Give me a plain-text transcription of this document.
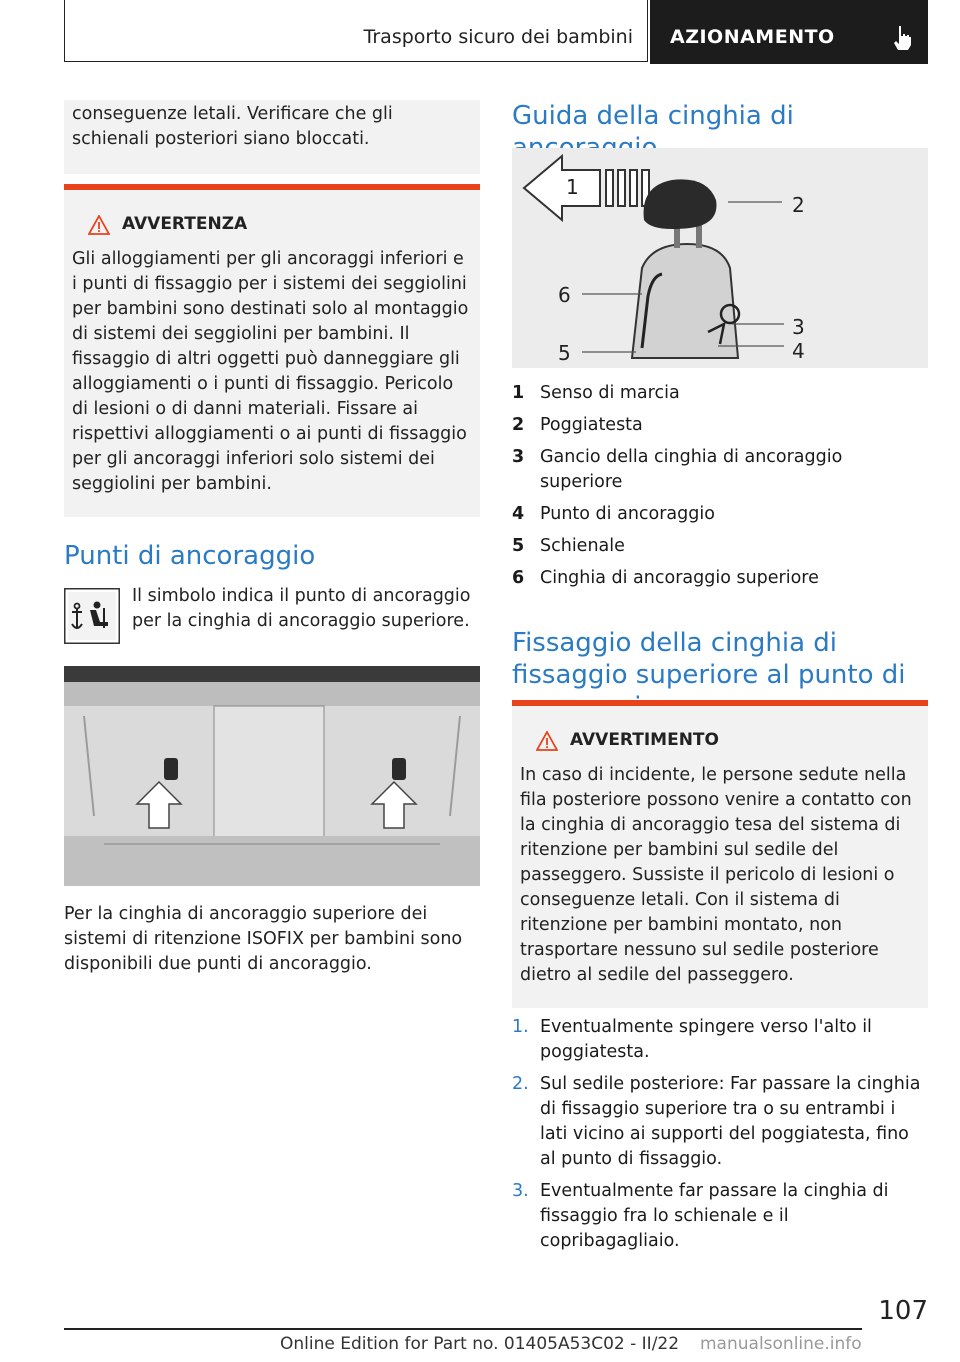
Trasporto sicuro dei bambini AZIONAMENTO
conseguenze letali. Verificare che gli schienali posteriori siano bloccati.
AVVERTENZA
Gli alloggiamenti per gli ancoraggi inferiori e i punti di fissaggio per i sistemi dei seggiolini per bambini sono destinati solo al montaggio di sistemi dei seggiolini per bambini. Il fissaggio di altri oggetti può danneggiare gli alloggiamenti o i punti di fissaggio. Pericolo di lesioni o di danni materiali. Fissare ai rispettivi alloggiamenti o ai punti di fissaggio per gli ancoraggi inferiori solo sistemi dei seggiolini per bambini.
Punti di ancoraggio
Il simbolo indica il punto di ancoraggio per la cinghia di ancoraggio superiore.
Per la cinghia di ancoraggio superiore dei sistemi di ritenzione ISOFIX per bambini sono disponibili due punti di ancoraggio.
Guida della cinghia di
1
2
3
4
5
6
1 Senso di marcia
2 Poggiatesta
3 Gancio della cinghia di ancoraggio superiore
4 Punto di ancoraggio
5 Schienale
6 Cinghia di ancoraggio superiore
Fissaggio della cinghia di fissaggio superiore al punto di
AVVERTIMENTO
In caso di incidente, le persone sedute nella fila posteriore possono venire a contatto con la cinghia di ancoraggio tesa del sistema di ritenzione per bambini sul sedile del passeggero. Sussiste il pericolo di lesioni o conseguenze letali. Con il sistema di ritenzione per bambini montato, non trasportare nessuno sul sedile posteriore dietro al sedile del passeggero.
1. Eventualmente spingere verso l'alto il poggiatesta.
2. Sul sedile posteriore: Far passare la cinghia di fissaggio superiore tra o su entrambi i lati vicino ai supporti del poggiatesta, fino al punto di fissaggio.
3. Eventualmente far passare la cinghia di fissaggio fra lo schienale e il copribagagliaio.
107
Online Edition for Part no. 01405A53C02 - II/22 manualsonline.info
